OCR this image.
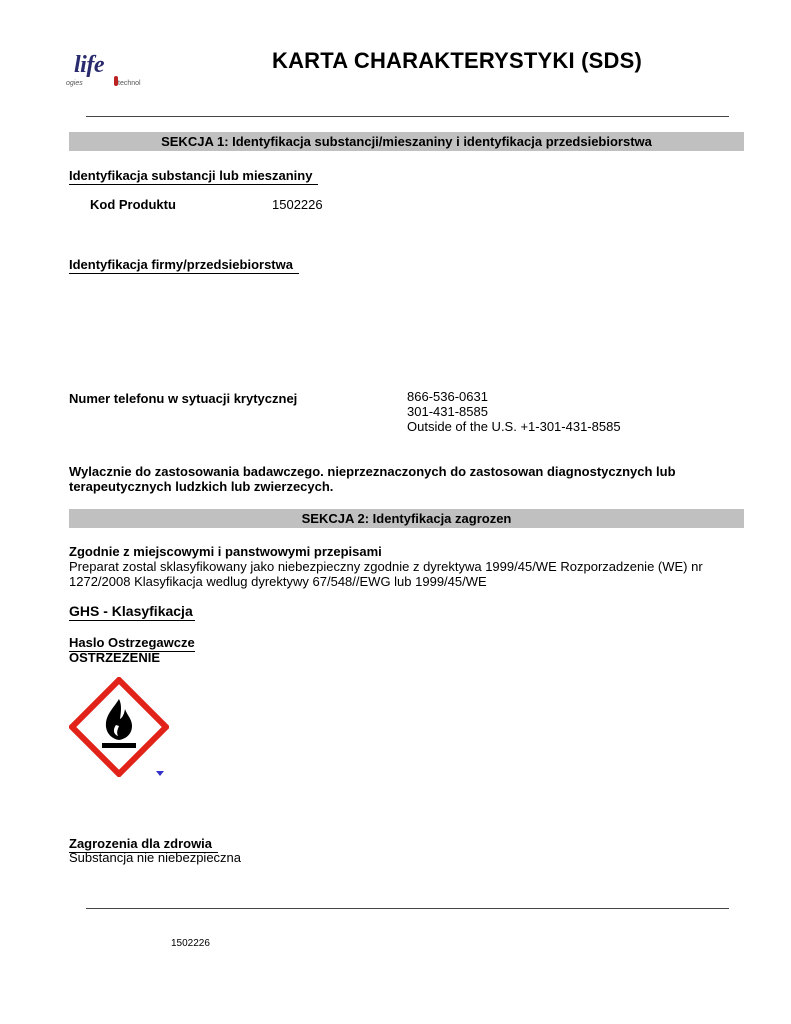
life
ogies	technol
KARTA CHARAKTERYSTYKI (SDS)
SEKCJA 1: Identyfikacja substancji/mieszaniny i identyfikacja przedsiebiorstwa
Identyfikacja substancji lub mieszaniny
Kod Produktu	1502226
Identyfikacja firmy/przedsiebiorstwa
Numer telefonu w sytuacji krytycznej	866-536-0631
301-431-8585
Outside of the U.S. +1-301-431-8585
Wylacznie do zastosowania badawczego. nieprzeznaczonych do zastosowan diagnostycznych lub
terapeutycznych ludzkich lub zwierzecych.
SEKCJA 2: Identyfikacja zagrozen
Zgodnie z miejscowymi i panstwowymi przepisami
Preparat zostal sklasyfikowany jako niebezpieczny zgodnie z dyrektywa 1999/45/WE Rozporzadzenie (WE) nr
1272/2008 Klasyfikacja wedlug dyrektywy 67/548//EWG lub 1999/45/WE
GHS - Klasyfikacja
Haslo Ostrzegawcze
OSTRZEZENIE
Zagrozenia dla zdrowia
Substancja nie niebezpieczna
1502226
